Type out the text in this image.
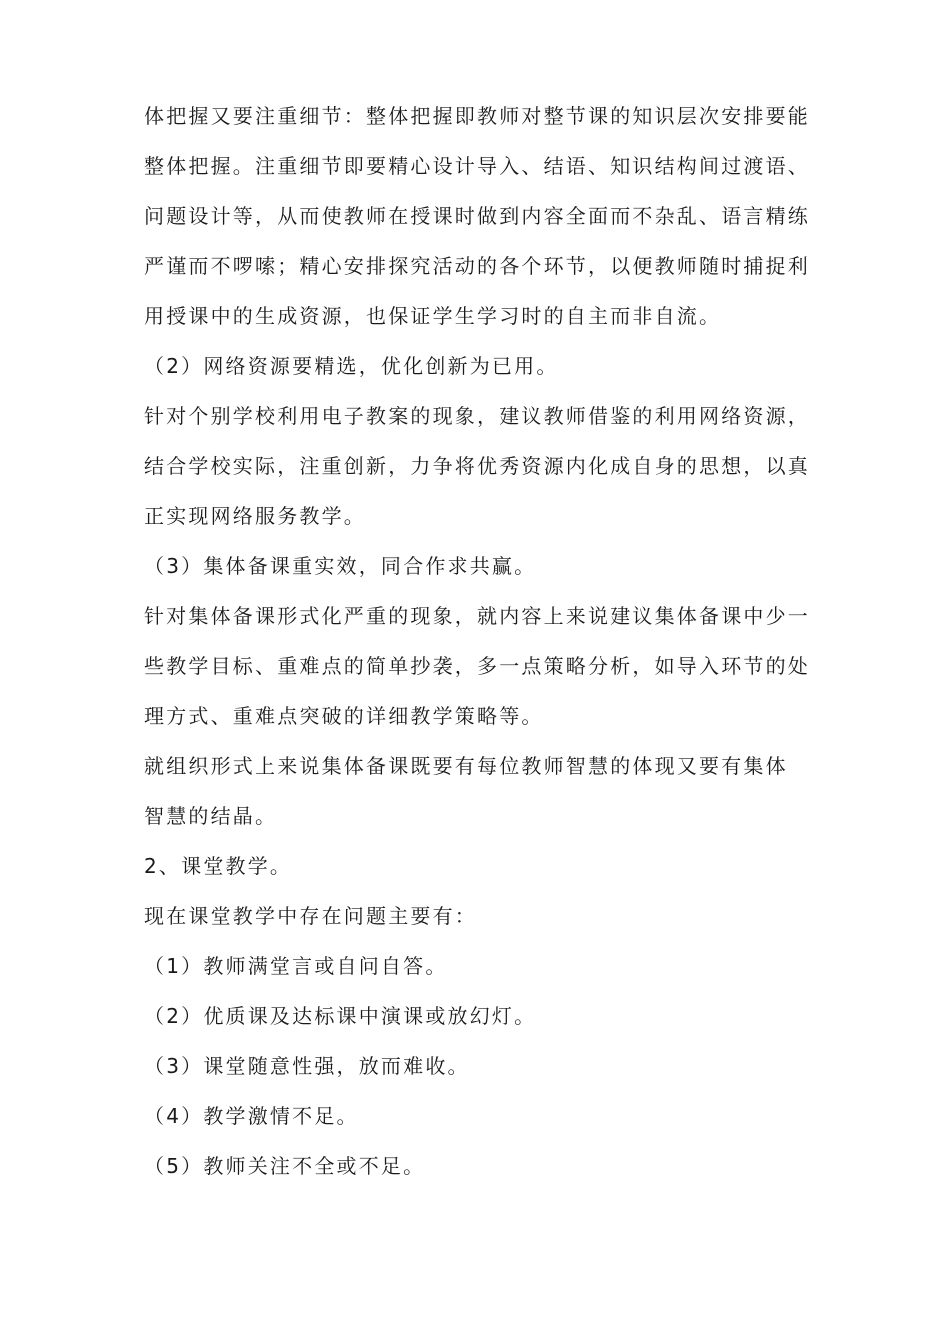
体把握又要注重细节：整体把握即教师对整节课的知识层次安排要能
整体把握。注重细节即要精心设计导入、结语、知识结构间过渡语、
问题设计等，从而使教师在授课时做到内容全面而不杂乱、语言精练
严谨而不啰嗦；精心安排探究活动的各个环节，以便教师随时捕捉利
用授课中的生成资源，也保证学生学习时的自主而非自流。
（2）网络资源要精选，优化创新为已用。
针对个别学校利用电子教案的现象，建议教师借鉴的利用网络资源，
结合学校实际，注重创新，力争将优秀资源内化成自身的思想，以真
正实现网络服务教学。
（3）集体备课重实效，同合作求共赢。
针对集体备课形式化严重的现象，就内容上来说建议集体备课中少一
些教学目标、重难点的简单抄袭，多一点策略分析，如导入环节的处
理方式、重难点突破的详细教学策略等。
就组织形式上来说集体备课既要有每位教师智慧的体现又要有集体
智慧的结晶。
2、课堂教学。
现在课堂教学中存在问题主要有：
（1）教师满堂言或自问自答。
（2）优质课及达标课中演课或放幻灯。
（3）课堂随意性强，放而难收。
（4）教学激情不足。
（5）教师关注不全或不足。
